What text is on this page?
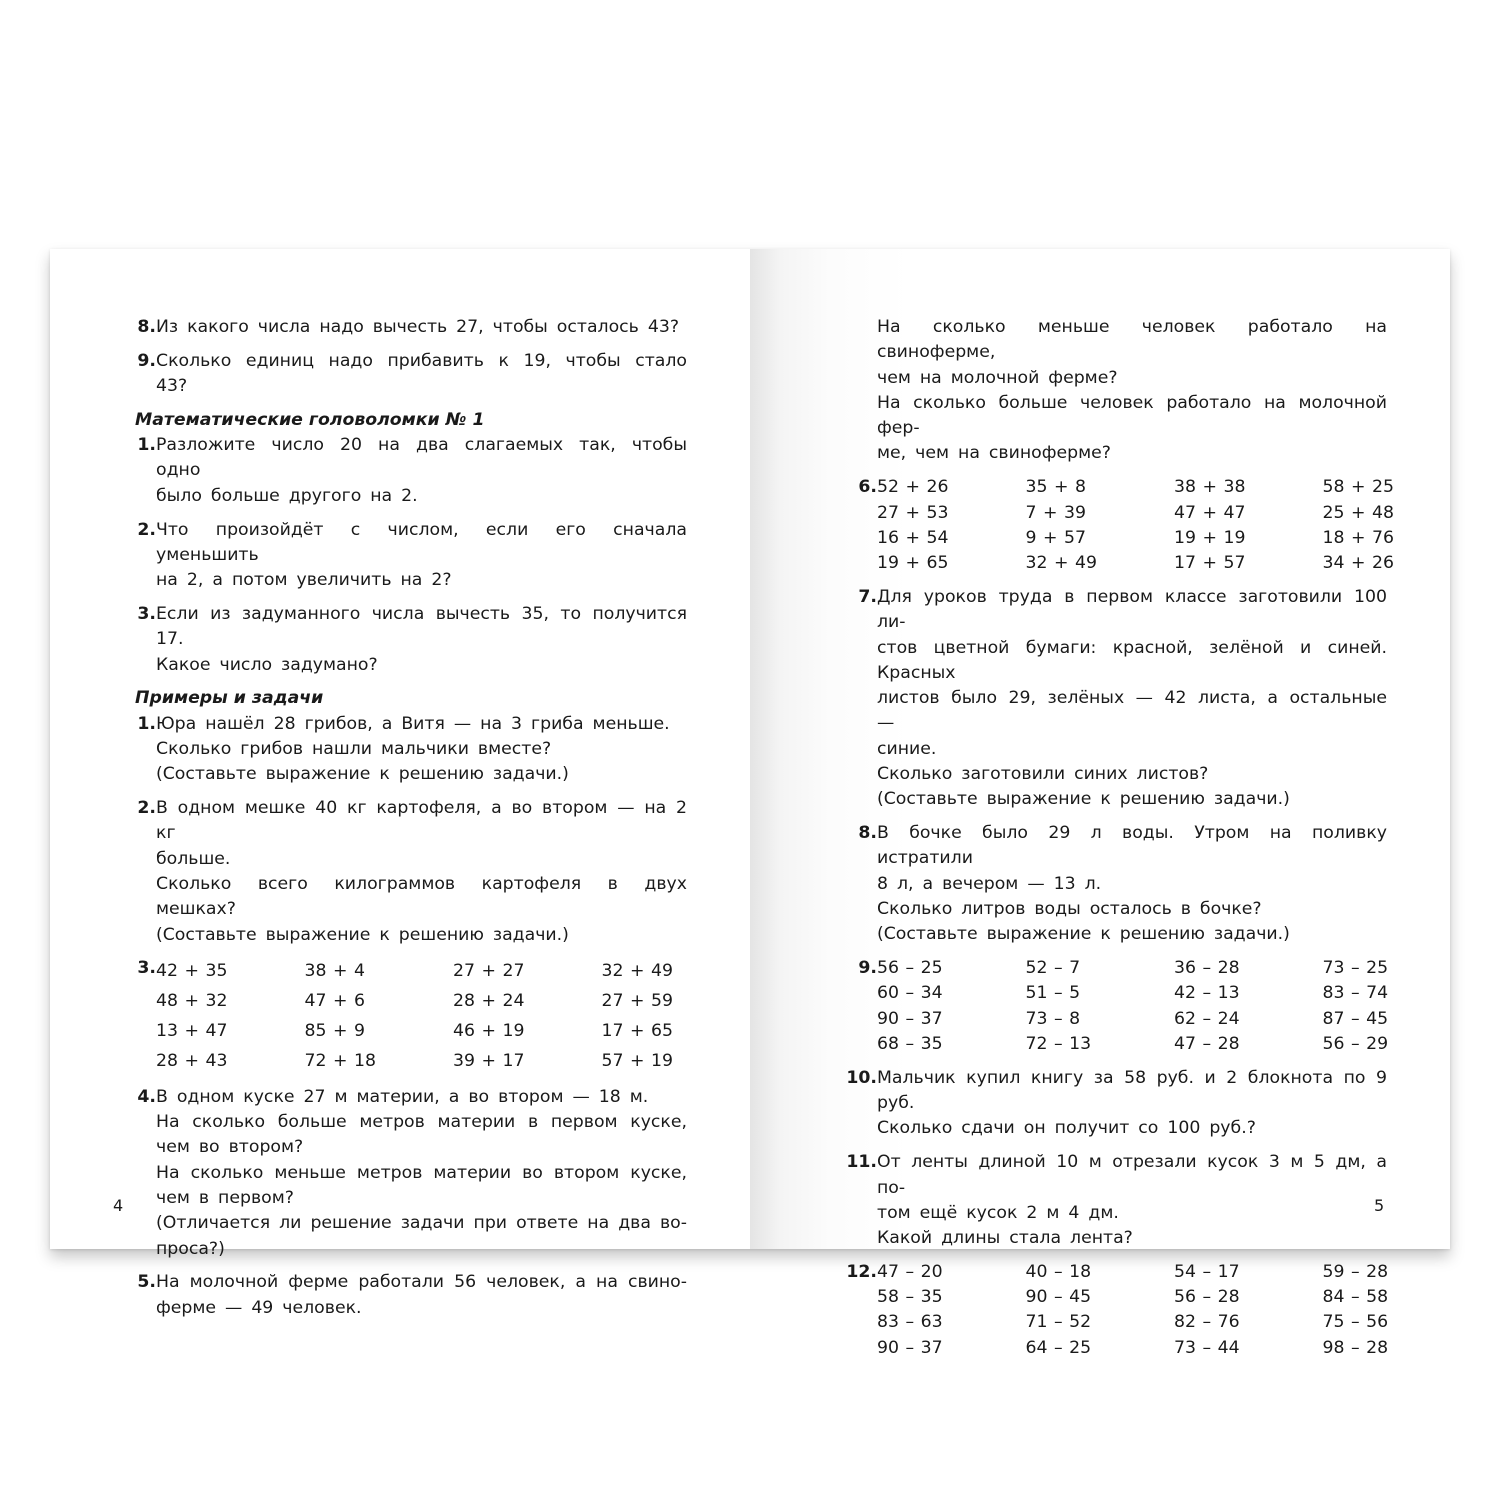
8. Из какого числа надо вычесть 27, чтобы осталось 43?

9. Сколько единиц надо прибавить к 19, чтобы стало 43?

Математические головоломки № 1
1. Разложите число 20 на два слагаемых так, чтобы одно

было больше другого на 2.

2. Что произойдёт с числом, если его сначала уменьшить

на 2, а потом увеличить на 2?

3. Если из задуманного числа вычесть 35, то получится 17.

Какое число задумано?

Примеры и задачи
1. Юра нашёл 28 грибов, а Витя — на 3 гриба меньше.

Сколько грибов нашли мальчики вместе?

(Составьте выражение к решению задачи.)

2. В одном мешке 40 кг картофеля, а во втором — на 2 кг

больше.

Сколько всего килограммов картофеля в двух мешках?

(Составьте выражение к решению задачи.)

3. 42 + 35	38 + 4	27 + 27	32 + 49
48 + 32	47 + 6	28 + 24	27 + 59
13 + 47	85 + 9	46 + 19	17 + 65
28 + 43	72 + 18	39 + 17	57 + 19
4. В одном куске 27 м материи, а во втором — 18 м.

На сколько больше метров материи в первом куске,

чем во втором?

На сколько меньше метров материи во втором куске,

чем в первом?

(Отличается ли решение задачи при ответе на два во-

проса?)

5. На молочной ферме работали 56 человек, а на свино-

ферме — 49 человек.

4

На сколько меньше человек работало на свиноферме,

чем на молочной ферме?

На сколько больше человек работало на молочной фер-

ме, чем на свиноферме?

6. 52 + 26	35 + 8	38 + 38	58 + 25
27 + 53	7 + 39	47 + 47	25 + 48
16 + 54	9 + 57	19 + 19	18 + 76
19 + 65	32 + 49	17 + 57	34 + 26
7. Для уроков труда в первом классе заготовили 100 ли-

стов цветной бумаги: красной, зелёной и синей. Красных

листов было 29, зелёных — 42 листа, а остальные —

синие.

Сколько заготовили синих листов?

(Составьте выражение к решению задачи.)

8. В бочке было 29 л воды. Утром на поливку истратили

8 л, а вечером — 13 л.

Сколько литров воды осталось в бочке?

(Составьте выражение к решению задачи.)

9. 56 – 25	52 – 7	36 – 28	73 – 25
60 – 34	51 – 5	42 – 13	83 – 74
90 – 37	73 – 8	62 – 24	87 – 45
68 – 35	72 – 13	47 – 28	56 – 29
10. Мальчик купил книгу за 58 руб. и 2 блокнота по 9 руб.

Сколько сдачи он получит со 100 руб.?

11. От ленты длиной 10 м отрезали кусок 3 м 5 дм, а по-

том ещё кусок 2 м 4 дм.

Какой длины стала лента?

12. 47 – 20	40 – 18	54 – 17	59 – 28
58 – 35	90 – 45	56 – 28	84 – 58
83 – 63	71 – 52	82 – 76	75 – 56
90 – 37	64 – 25	73 – 44	98 – 28
5
